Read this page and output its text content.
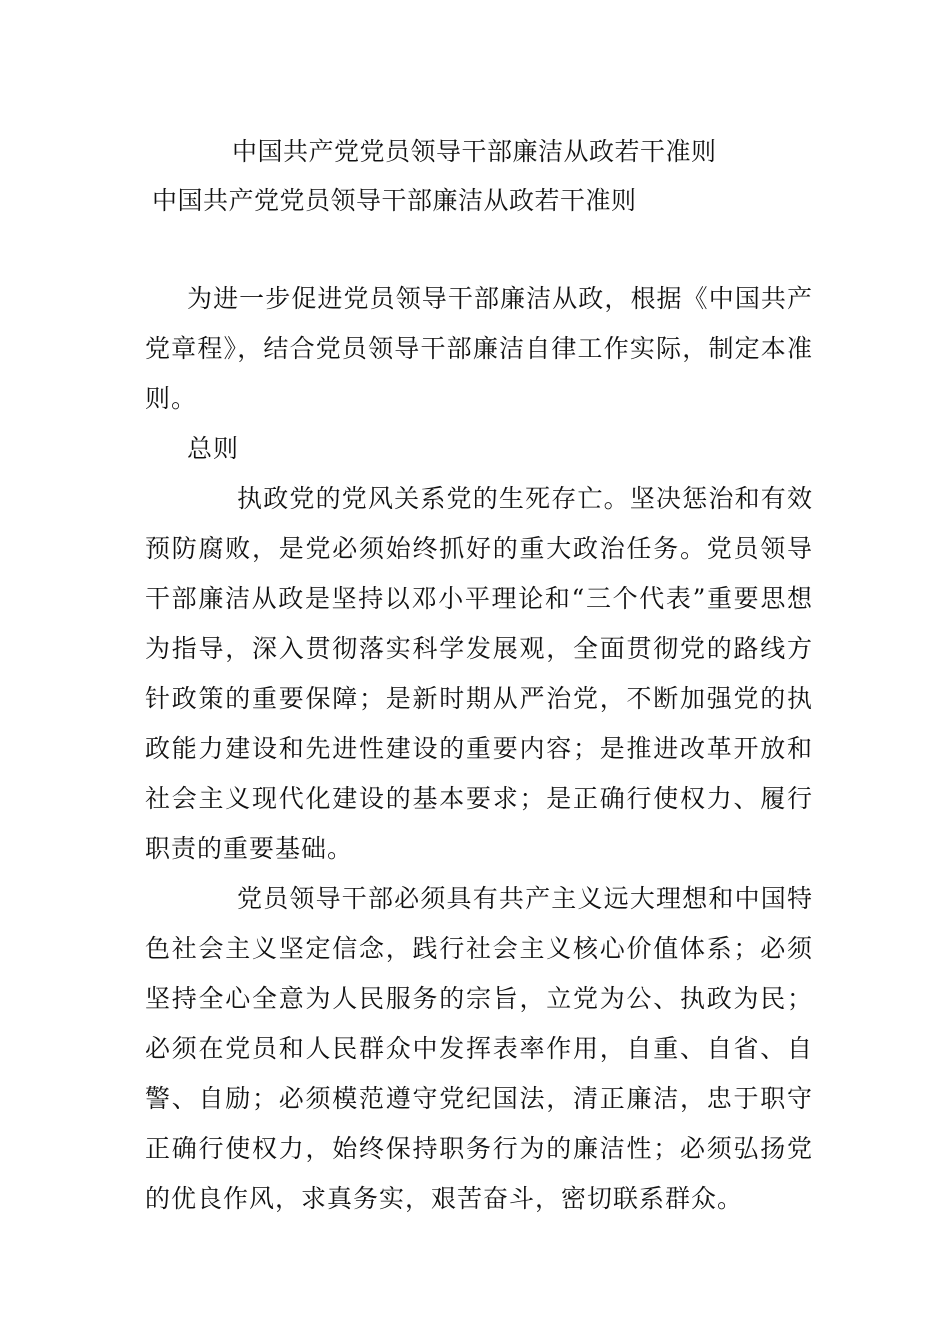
中国共产党党员领导干部廉洁从政若干准则
中国共产党党员领导干部廉洁从政若干准则

为进一步促进党员领导干部廉洁从政，根据《中国共产党章程》，结合党员领导干部廉洁自律工作实际，制定本准则。

总则

执政党的党风关系党的生死存亡。坚决惩治和有效预防腐败，是党必须始终抓好的重大政治任务。党员领导干部廉洁从政是坚持以邓小平理论和“三个代表”重要思想为指导，深入贯彻落实科学发展观，全面贯彻党的路线方针政策的重要保障；是新时期从严治党，不断加强党的执政能力建设和先进性建设的重要内容；是推进改革开放和社会主义现代化建设的基本要求；是正确行使权力、履行职责的重要基础。

党员领导干部必须具有共产主义远大理想和中国特色社会主义坚定信念，践行社会主义核心价值体系；必须坚持全心全意为人民服务的宗旨，立党为公、执政为民；必须在党员和人民群众中发挥表率作用，自重、自省、自警、自励；必须模范遵守党纪国法，清正廉洁，忠于职守正确行使权力，始终保持职务行为的廉洁性；必须弘扬党的优良作风，求真务实，艰苦奋斗，密切联系群众。
